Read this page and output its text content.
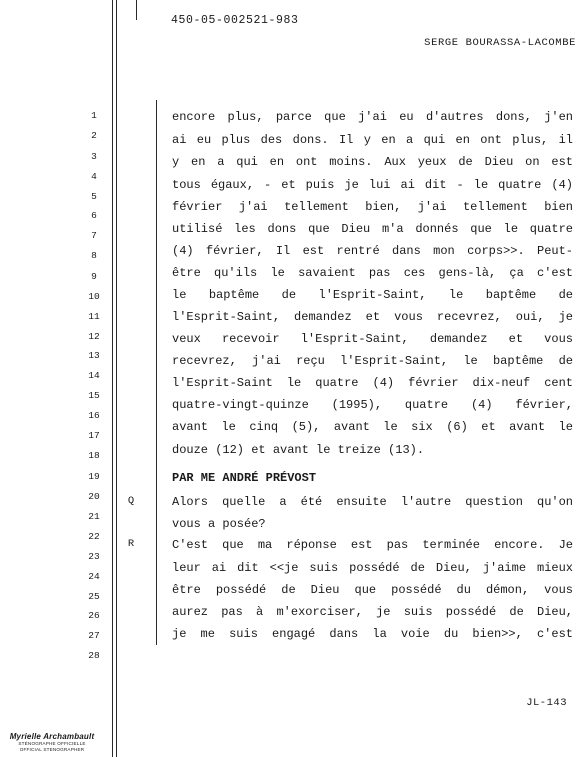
450-05-002521-983
SERGE BOURASSA-LACOMBE
1
2
3
4
5
6
7
8
9
10
11
12
13
14
15
16
17
18
19
20
21
22
23
24
25
26
27
28
Q
R
encore plus, parce que j'ai eu d'autres dons, j'en
ai eu plus des dons. Il y en a qui en ont plus, il
y en a qui en ont moins. Aux yeux de Dieu on est
tous égaux, - et puis je lui ai dit - le quatre (4)
février j'ai tellement bien, j'ai tellement bien
utilisé les dons que Dieu m'a donnés que le quatre
(4) février, Il est rentré dans mon corps>>. Peut-
être qu'ils le savaient pas ces gens-là, ça c'est
le baptême de l'Esprit-Saint, le baptême de
l'Esprit-Saint, demandez et vous recevrez, oui, je
veux recevoir l'Esprit-Saint, demandez et vous
recevrez, j'ai reçu l'Esprit-Saint, le baptême de
l'Esprit-Saint le quatre (4) février dix-neuf cent
quatre-vingt-quinze (1995), quatre (4) février,
avant le cinq (5), avant le six (6) et avant le
douze (12) et avant le treize (13).
PAR ME ANDRÉ PRÉVOST
Alors quelle a été ensuite l'autre question qu'on
vous a posée?
C'est que ma réponse est pas terminée encore. Je
leur ai dit <<je suis possédé de Dieu, j'aime mieux
être possédé de Dieu que possédé du démon, vous
aurez pas à m'exorciser, je suis possédé de Dieu,
je me suis engagé dans la voie du bien>>, c'est
JL-143
Myrielle Archambault
STÉNOGRAPHE OFFICIELLE
OFFICIAL STENOGRAPHER
